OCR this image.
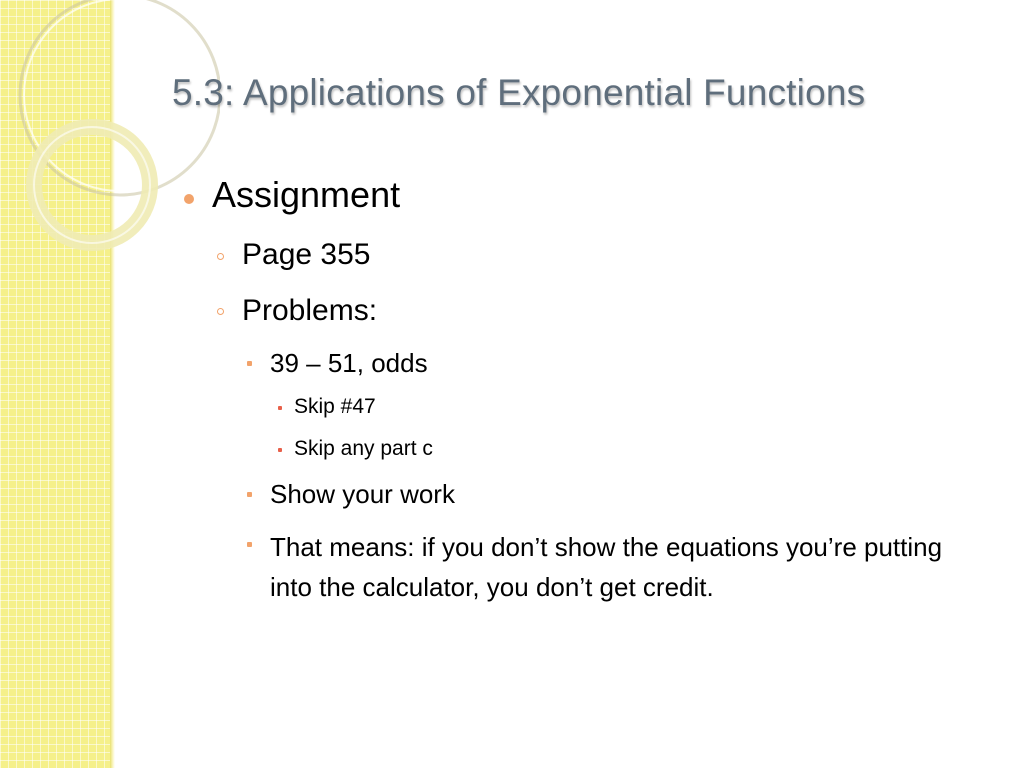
5.3: Applications of Exponential Functions
Assignment
Page 355
Problems:
39 – 51, odds
Skip #47
Skip any part c
Show your work
That means: if you don’t show the equations you’re putting into the calculator, you don’t get credit.
